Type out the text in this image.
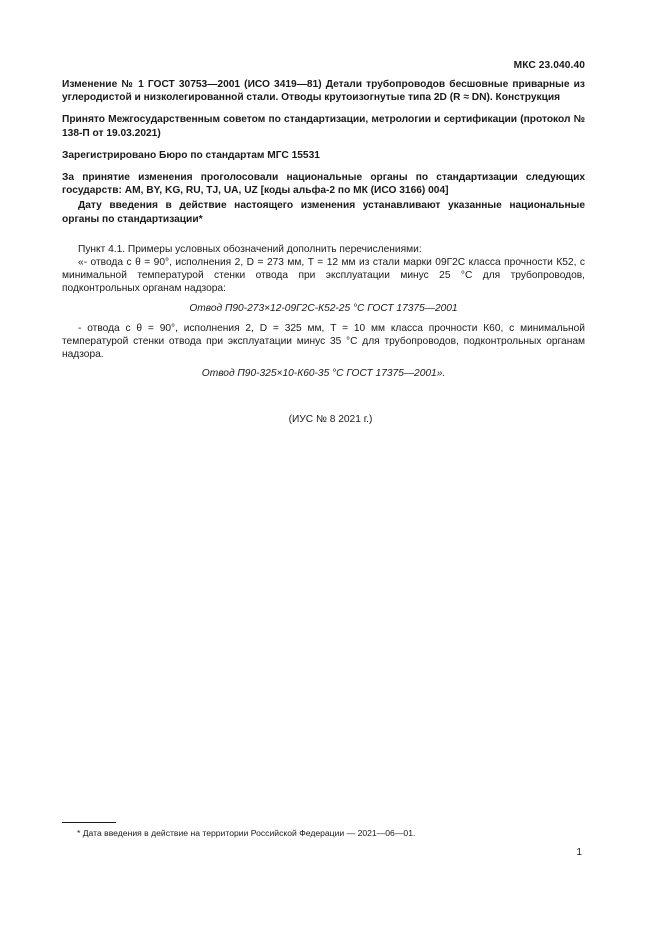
МКС 23.040.40

Изменение № 1 ГОСТ 30753—2001 (ИСО 3419—81) Детали трубопроводов бесшовные приварные из углеродистой и низколегированной стали. Отводы крутоизогнутые типа 2D (R ≈ DN). Конструкция

Принято Межгосударственным советом по стандартизации, метрологии и сертификации (протокол № 138-П от 19.03.2021)

Зарегистрировано Бюро по стандартам МГС 15531

За принятие изменения проголосовали национальные органы по стандартизации следующих государств: AM, BY, KG, RU, TJ, UA, UZ [коды альфа-2 по МК (ИСО 3166) 004]

Дату введения в действие настоящего изменения устанавливают указанные национальные органы по стандартизации*

Пункт 4.1. Примеры условных обозначений дополнить перечислениями:

«- отвода с θ = 90°, исполнения 2, D = 273 мм, T = 12 мм из стали марки 09Г2С класса прочности К52, с минимальной температурой стенки отвода при эксплуатации минус 25 °С для трубопроводов, подконтрольных органам надзора:

Отвод П90-273×12-09Г2С-К52-25 °С ГОСТ 17375—2001

- отвода с θ = 90°, исполнения 2, D = 325 мм, T = 10 мм класса прочности К60, с минимальной температурой стенки отвода при эксплуатации минус 35 °С для трубопроводов, подконтрольных органам надзора.

Отвод П90-325×10-К60-35 °С ГОСТ 17375—2001».

(ИУС № 8 2021 г.)
* Дата введения в действие на территории Российской Федерации — 2021—06—01.
1
